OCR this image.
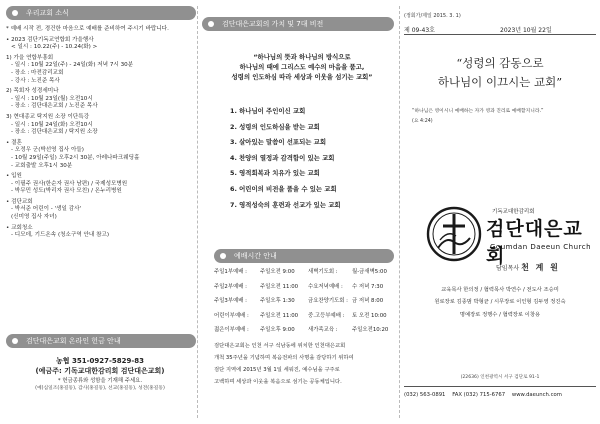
우리교회 소식
* 예배 시작 전, 경건한 마음으로 예배를 준비하여 주시기 바랍니다.
• 2023 검단기독교연합회 가을행사
< 일시 : 10.22(주) - 10.24(화) >
1) 가을 연합부흥회
- 일시 : 10월 22일(주) - 24일(화) 저녁 7시 30분
- 장소 : 마전감리교회
- 강사 : 노진준 목사
2) 목회자 성경세미나
- 일시 : 10월 23일(월) 오전10시
- 장소 : 검단대은교회 / 노진준 목사
3) 현대종교 탁지원 소장 이단특강
- 일시 : 10월 24일(화) 오전10시
- 장소 : 검단대은교회 / 탁지원 소장
• 결혼
- 오정우 군(박선영 집사 아들)
- 10월 29일(주일) 오후2시 30분, 아레나파크웨딩홀
- 교회출발 오후1시 30분
• 입원
- 이필주 권사(한순자 권사 남편) / 국제성모병원
- 박무민 성도(박리자 권사 모친) / 온누리병원
• 검단교회
- 박서준 어린이 - '생일 감사'
(신미영 집사 자녀)
• 교회청소
- 디모데, 기드온속 (청소구역 안내 참고)
검단대은교회 온라인 헌금 안내
농협 351-0927-5829-83
(예금주: 기독교대한감리회 검단대은교회)
* 헌금종류와 성함을 기재해 주세요.
(예)십일조(홍길동), 감사(홍길동), 선교(홍길동), 성전(홍길동)
검단대은교회의 가치 및 7대 비전
“하나님의 뜻과 하나님의 방식으로
하나님의 때에 그리스도 예수의 마음을 품고,
성령의 인도하심 따라 세상과 이웃을 섬기는 교회”
1. 하나님이 주인이신 교회
2. 성령의 인도하심을 받는 교회
3. 살아있는 말씀이 선포되는 교회
4. 찬양의 열정과 감격함이 있는 교회
5. 영적회복과 치유가 있는 교회
6. 어린이의 비전을 품을 수 있는 교회
7. 영적성숙의 훈련과 선교가 있는 교회
예배시간 안내
주일1부예배 :	주일오전 9:00	새벽기도회 :	월-금새벽5:00
주일2부예배 :	주일오전 11:00	수요저녁예배 :	수 저녁 7:30
주일3부예배 :	주일오후 1:30	금요찬양기도회 : 금 저녁 8:00
어린이부예배 :	주일오전 11:00	중.고등부예배 :	토 오전 10:00
젊은이부예배 :	주일오후 9:00	새가족교육 :	주일오전10:20
검단대은교회는 인천 서구 석남동에 위치한 인천대은교회
개척 35주년을 기념하며 복음전파의 사명을 감당하기 위하여
검단 지역에 2015년 3월 1일 세워진, 예수님을 구주로
고백하며 세상과 이웃을 복음으로 섬기는 공동체입니다.
(정회가/제일 2015. 3. 1)
제 09-43호	2023년 10월 22일
“성령의 감동으로
하나님이 이끄시는 교회”
“하나님은 영이시니 예배하는 자가 영과 진리로 예배할지니라.”
(요 4:24)
기독교대한감리회
검단대은교회
Goumdan Daeeun Church
담임목사 천 계 원
교육목사 한의정 / 협력목사 박연수 / 전도사 조승미
원로장로 김종범 박형균 / 시무장로 이인형 김두영 정진숙
명예장로 정행수 / 협력장로 이창용
(22636) 인천광역시 서구 검단로 91-1
(032) 563-0891 FAX (032) 715-6767 www.daeunch.com
